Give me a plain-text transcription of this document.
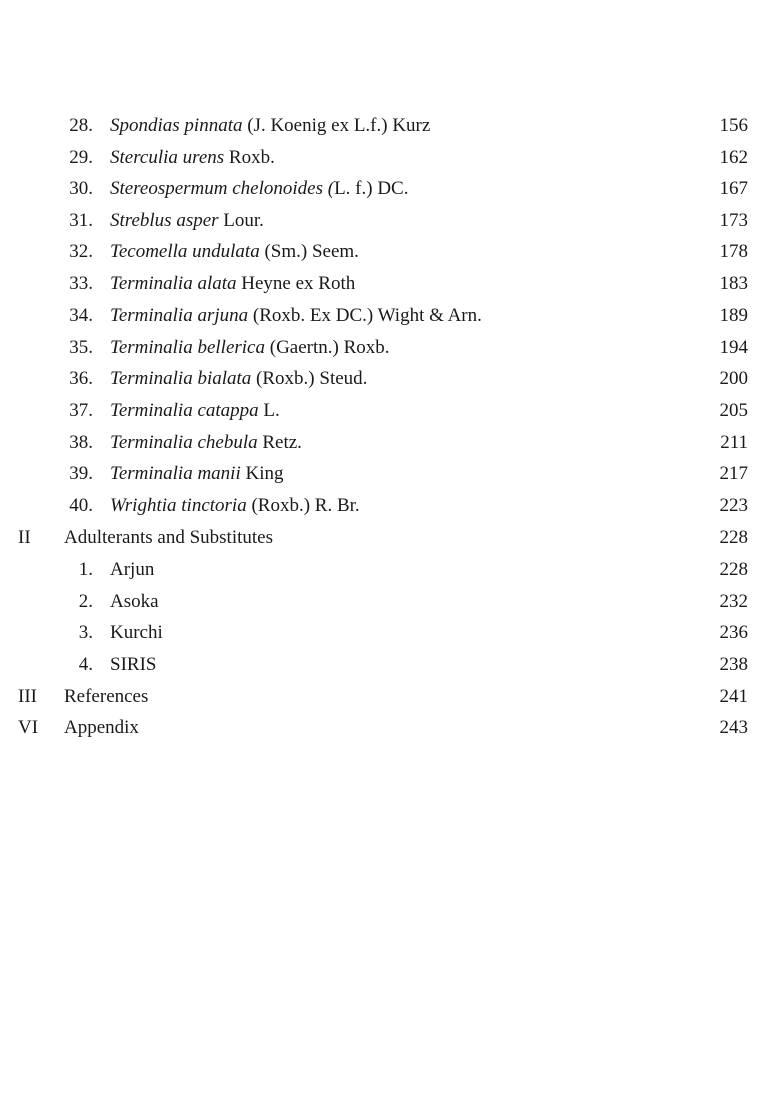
28. Spondias pinnata (J. Koenig ex L.f.) Kurz	156
29. Sterculia urens Roxb.	162
30. Stereospermum chelonoides (L. f.) DC.	167
31. Streblus asper Lour.	173
32. Tecomella undulata (Sm.) Seem.	178
33. Terminalia alata Heyne ex Roth	183
34. Terminalia arjuna (Roxb. Ex DC.) Wight & Arn.	189
35. Terminalia bellerica (Gaertn.) Roxb.	194
36. Terminalia bialata (Roxb.) Steud.	200
37. Terminalia catappa L.	205
38. Terminalia chebula Retz.	211
39. Terminalia manii King	217
40. Wrightia tinctoria (Roxb.) R. Br.	223
II Adulterants and Substitutes	228
1. Arjun	228
2. Asoka	232
3. Kurchi	236
4. SIRIS	238
III References	241
VI Appendix	243
